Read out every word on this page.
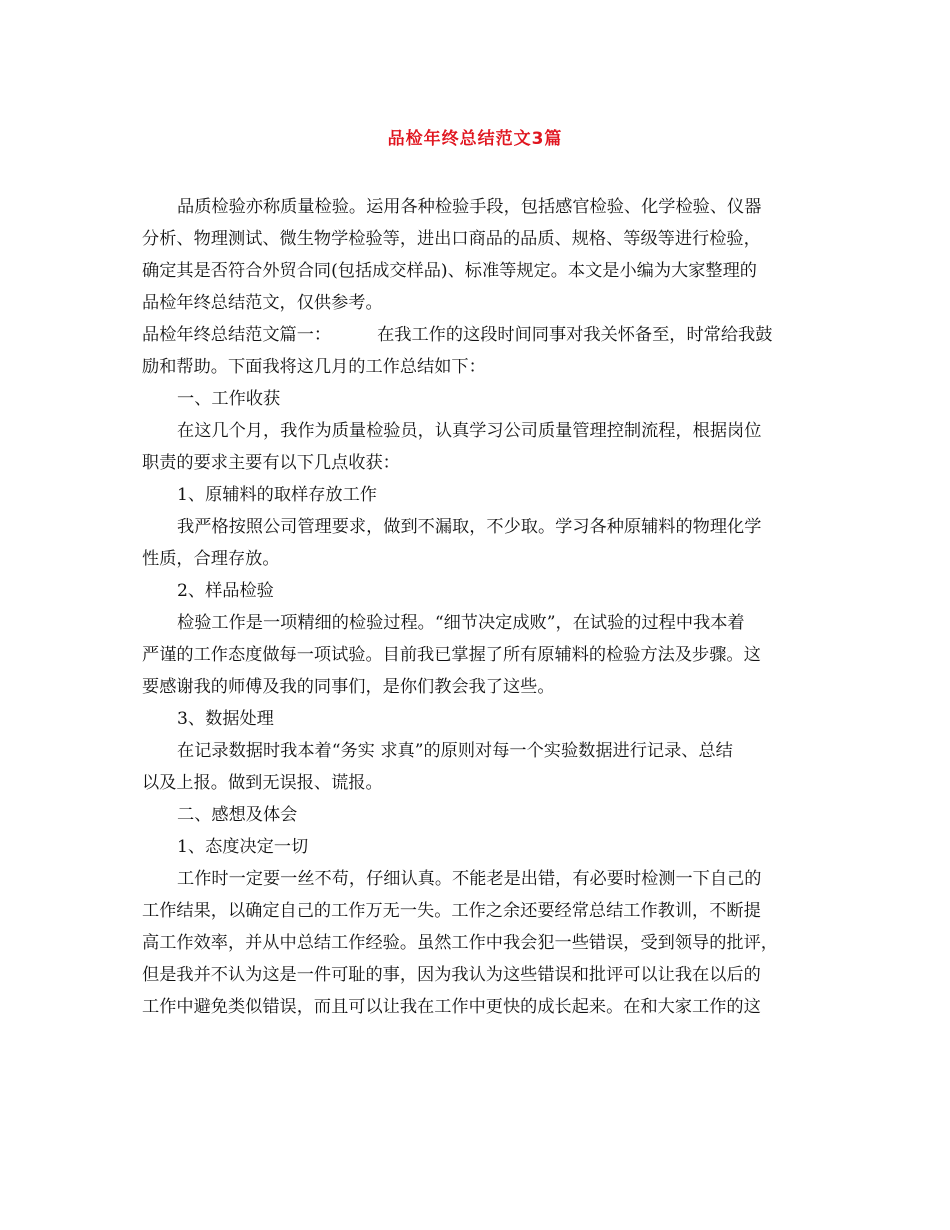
品检年终总结范文3篇
品质检验亦称质量检验。运用各种检验手段，包括感官检验、化学检验、仪器
分析、物理测试、微生物学检验等，进出口商品的品质、规格、等级等进行检验，
确定其是否符合外贸合同(包括成交样品)、标准等规定。本文是小编为大家整理的
品检年终总结范文，仅供参考。
品检年终总结范文篇一：	在我工作的这段时间同事对我关怀备至，时常给我鼓
励和帮助。下面我将这几月的工作总结如下：
一、工作收获
在这几个月，我作为质量检验员，认真学习公司质量管理控制流程，根据岗位
职责的要求主要有以下几点收获：
1、原辅料的取样存放工作
我严格按照公司管理要求，做到不漏取，不少取。学习各种原辅料的物理化学
性质，合理存放。
2、样品检验
检验工作是一项精细的检验过程。“细节决定成败”，在试验的过程中我本着
严谨的工作态度做每一项试验。目前我已掌握了所有原辅料的检验方法及步骤。这
要感谢我的师傅及我的同事们，是你们教会我了这些。
3、数据处理
在记录数据时我本着“务实 求真”的原则对每一个实验数据进行记录、总结
以及上报。做到无误报、谎报。
二、感想及体会
1、态度决定一切
工作时一定要一丝不苟，仔细认真。不能老是出错，有必要时检测一下自己的
工作结果，以确定自己的工作万无一失。工作之余还要经常总结工作教训，不断提
高工作效率，并从中总结工作经验。虽然工作中我会犯一些错误，受到领导的批评，
但是我并不认为这是一件可耻的事，因为我认为这些错误和批评可以让我在以后的
工作中避免类似错误，而且可以让我在工作中更快的成长起来。在和大家工作的这
